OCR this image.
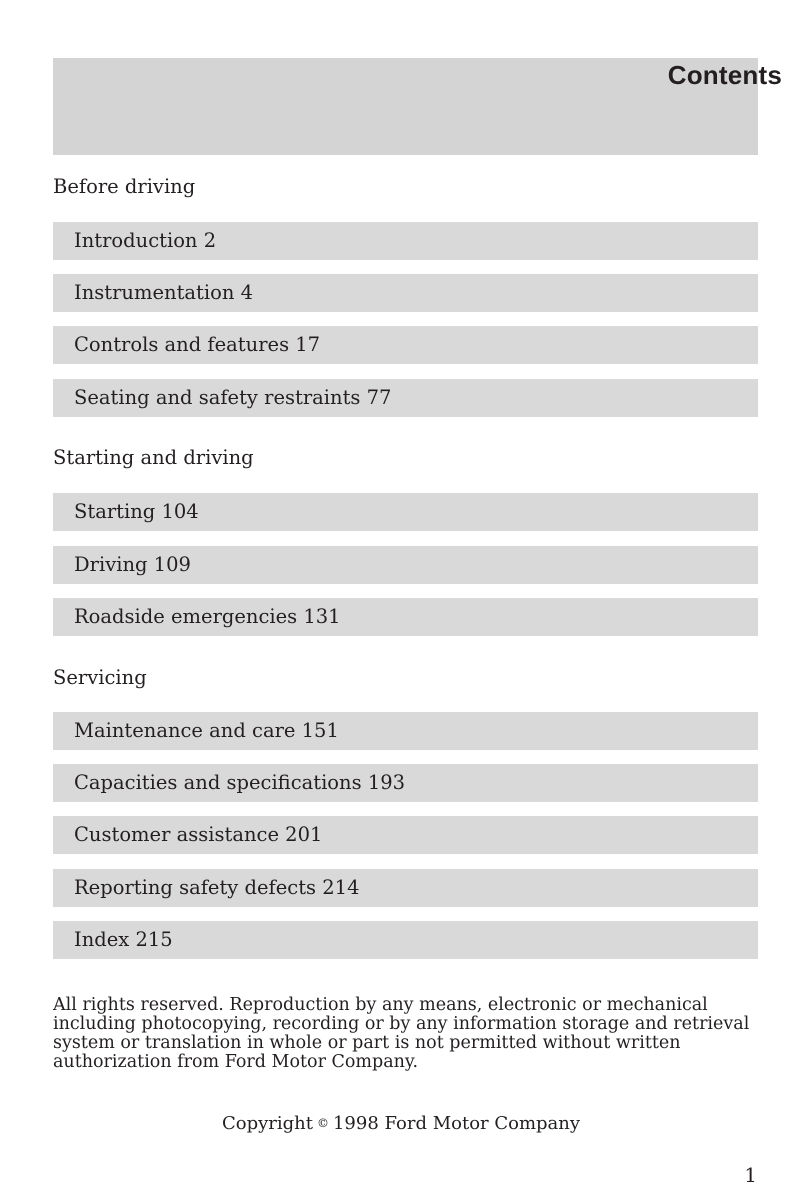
Contents
Before driving
Introduction 2
Instrumentation 4
Controls and features 17
Seating and safety restraints 77
Starting and driving
Starting 104
Driving 109
Roadside emergencies 131
Servicing
Maintenance and care 151
Capacities and specifications 193
Customer assistance 201
Reporting safety defects 214
Index 215
All rights reserved. Reproduction by any means, electronic or mechanical
including photocopying, recording or by any information storage and retrieval
system or translation in whole or part is not permitted without written
authorization from Ford Motor Company.
Copyright © 1998 Ford Motor Company
1
